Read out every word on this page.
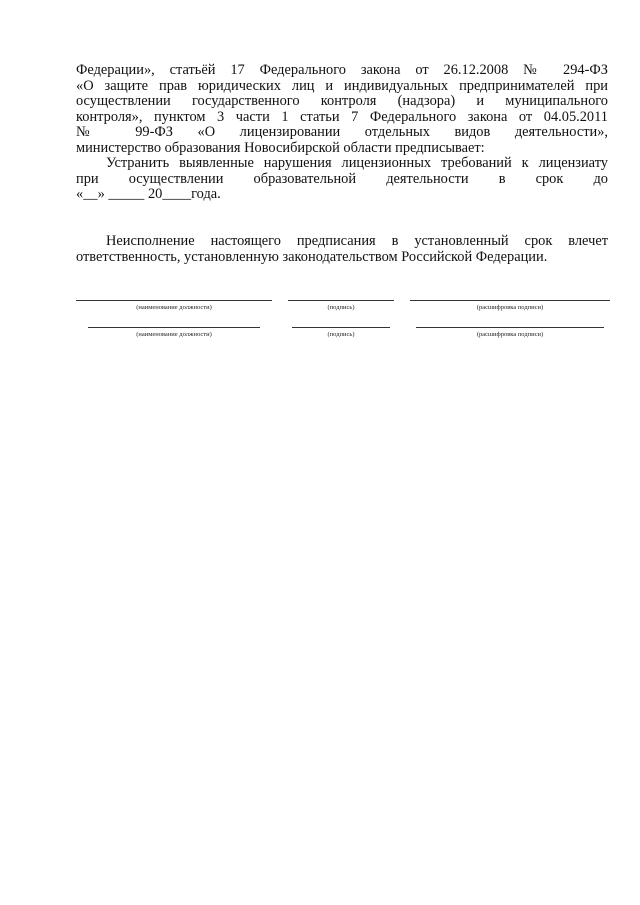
Федерации», статьёй 17 Федерального закона от 26.12.2008 № 294-ФЗ
«О защите прав юридических лиц и индивидуальных предпринимателей при
осуществлении государственного контроля (надзора) и муниципального
контроля», пунктом 3 части 1 статьи 7 Федерального закона от 04.05.2011
№ 99-ФЗ «О лицензировании отдельных видов деятельности»,
министерство образования Новосибирской области предписывает:
Устранить выявленные нарушения лицензионных требований к лицензиату
при осуществлении образовательной деятельности в срок до
«__» _____ 20____года.
Неисполнение настоящего предписания в установленный срок влечет
ответственность, установленную законодательством Российской Федерации.
(наименование должности)	(подпись)	(расшифровка подписи)
(наименование должности)	(подпись)	(расшифровка подписи)
